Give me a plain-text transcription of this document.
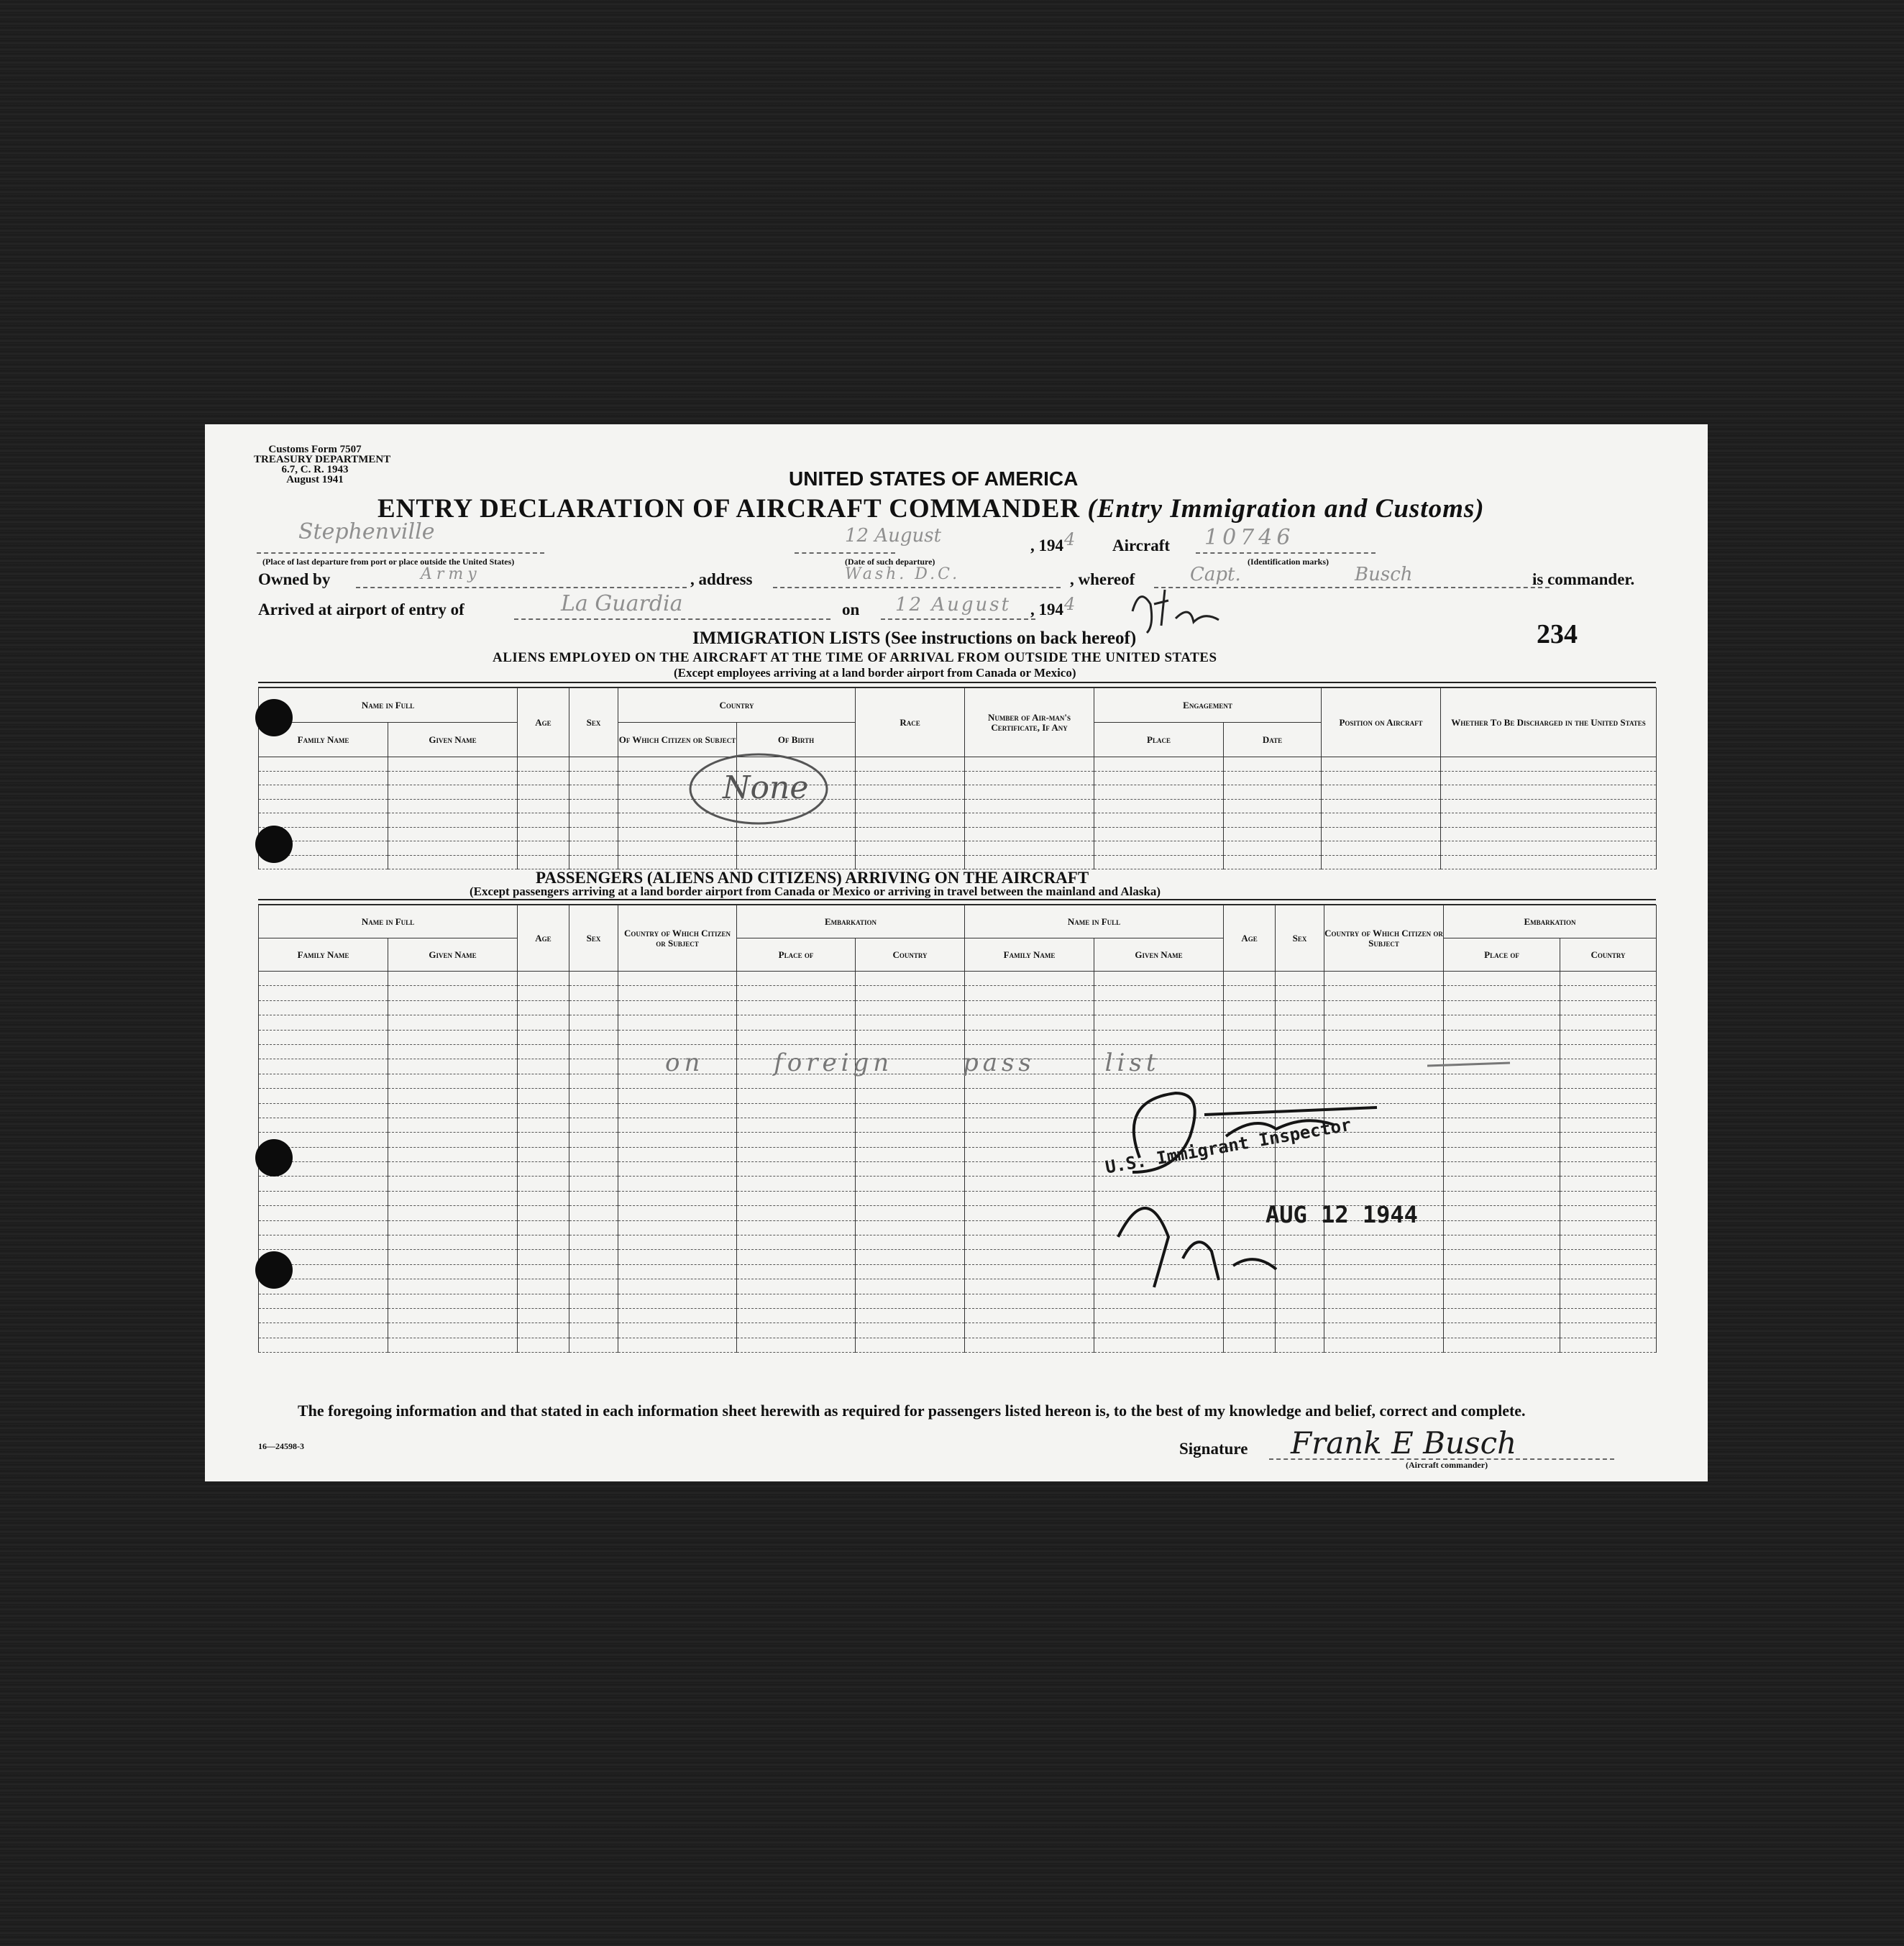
Customs Form 7507
TREASURY DEPARTMENT
6.7, C. R. 1943
August 1941	UNITED STATES OF AMERICA
ENTRY DECLARATION OF AIRCRAFT COMMANDER (Entry Immigration and Customs)
Stephenville
(Place of last departure from port or place outside the United States)
12 August
(Date of such departure)
, 194 4 Aircraft 10746
(Identification marks)
Owned by	Army	, address	Wash. D.C.	, whereof	Capt. Busch	is commander.
Arrived at airport of entry of	La Guardia	on 12 August , 194 4
234
IMMIGRATION LISTS (See instructions on back hereof)
ALIENS EMPLOYED ON THE AIRCRAFT AT THE TIME OF ARRIVAL FROM OUTSIDE THE UNITED STATES
(Except employees arriving at a land border airport from Canada or Mexico)
Name in Full		Age	Sex	Country		Race	Number of Air-man's Certificate, If Any	Engagement		Position on Aircraft	Whether To Be Discharged in the United States
Family Name	Given Name			Of Which Citizen or Subject	Of Birth			Place	Date		

None
PASSENGERS (ALIENS AND CITIZENS) ARRIVING ON THE AIRCRAFT
(Except passengers arriving at a land border airport from Canada or Mexico or arriving in travel between the mainland and Alaska)
Name in Full		Age	Sex	Country of Which Citizen or Subject	Embarkation		Name in Full		Age	Sex	Country of Which Citizen or Subject	Embarkation	
Family Name	Given Name				Place of	Country	Family Name	Given Name				Place of	Country

on foreign pass list
U.S. Immigrant Inspector
AUG 12 1944
The foregoing information and that stated in each information sheet herewith as required for passengers listed hereon is, to the best of my knowledge and belief, correct and complete.
16—24598-3	Signature Frank E Busch
(Aircraft commander)
